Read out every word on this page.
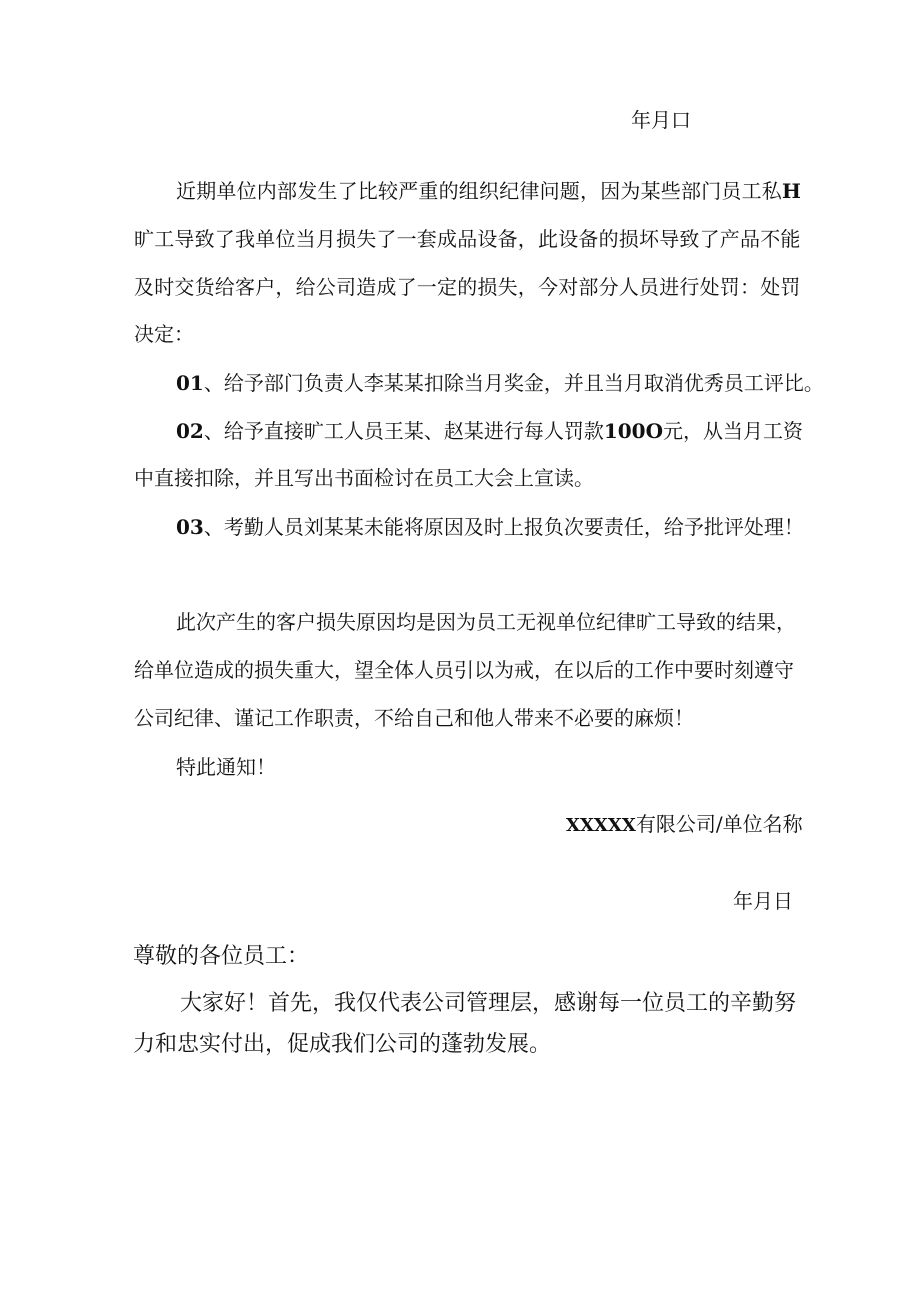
年月口
近期单位内部发生了比较严重的组织纪律问题，因为某些部门员工私H
旷工导致了我单位当月损失了一套成品设备，此设备的损坏导致了产品不能
及时交货给客户，给公司造成了一定的损失，今对部分人员进行处罚：处罚
决定：
01、给予部门负责人李某某扣除当月奖金，并且当月取消优秀员工评比。
02、给予直接旷工人员王某、赵某进行每人罚款100O元，从当月工资
中直接扣除，并且写出书面检讨在员工大会上宣读。
03、考勤人员刘某某未能将原因及时上报负次要责任，给予批评处理！
此次产生的客户损失原因均是因为员工无视单位纪律旷工导致的结果，
给单位造成的损失重大，望全体人员引以为戒，在以后的工作中要时刻遵守
公司纪律、谨记工作职责，不给自己和他人带来不必要的麻烦！
特此通知！
XXXXX有限公司/单位名称
年月日
尊敬的各位员工：
大家好！首先，我仅代表公司管理层，感谢每一位员工的辛勤努
力和忠实付出，促成我们公司的蓬勃发展。
